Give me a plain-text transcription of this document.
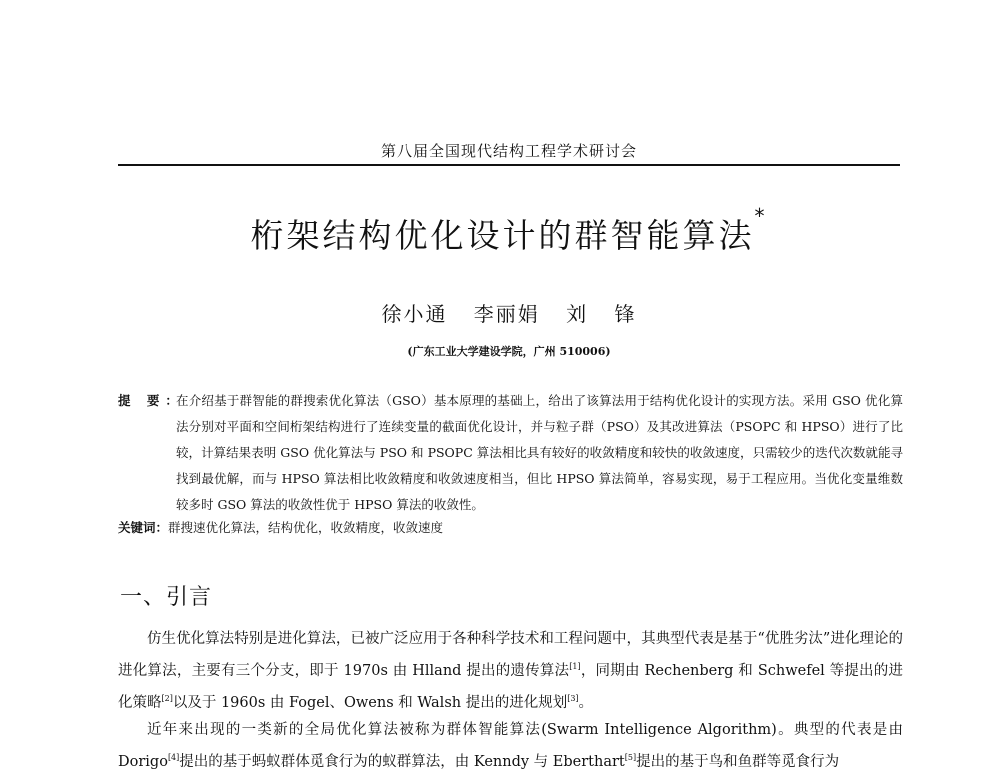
第八届全国现代结构工程学术研讨会
桁架结构优化设计的群智能算法*
徐小通 李丽娟 刘 锋
(广东工业大学建设学院，广州 510006)
提 要：
在介绍基于群智能的群搜索优化算法（GSO）基本原理的基础上，给出了该算法用于结构优化设计的实现方法。采用 GSO 优化算法分别对平面和空间桁架结构进行了连续变量的截面优化设计，并与粒子群（PSO）及其改进算法（PSOPC 和 HPSO）进行了比较，计算结果表明 GSO 优化算法与 PSO 和 PSOPC 算法相比具有较好的收敛精度和较快的收敛速度，只需较少的迭代次数就能寻找到最优解，而与 HPSO 算法相比收敛精度和收敛速度相当，但比 HPSO 算法简单，容易实现，易于工程应用。当优化变量维数较多时 GSO 算法的收敛性优于 HPSO 算法的收敛性。
关键词：群搜速优化算法，结构优化，收敛精度，收敛速度
一、引言

仿生优化算法特别是进化算法，已被广泛应用于各种科学技术和工程问题中，其典型代表是基于“优胜劣汰”进化理论的进化算法，主要有三个分支，即于 1970s 由 Hlland 提出的遗传算法[1]，同期由 Rechenberg 和 Schwefel 等提出的进化策略[2]以及于 1960s 由 Fogel、Owens 和 Walsh 提出的进化规划[3]。

近年来出现的一类新的全局优化算法被称为群体智能算法(Swarm Intelligence Algorithm)。典型的代表是由 Dorigo[4]提出的基于蚂蚁群体觅食行为的蚁群算法，由 Kenndy 与 Eberthart[5]提出的基于鸟和鱼群等觅食行为
